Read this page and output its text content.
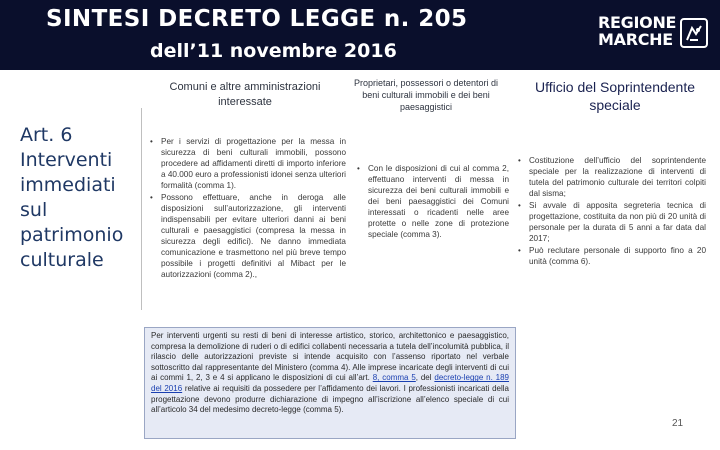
SINTESI DECRETO LEGGE n. 205
dell’11 novembre 2016
REGIONE
MARCHE
Comuni e altre amministrazioni interessate
Proprietari, possessori o detentori di beni culturali immobili e dei beni paesaggistici
Ufficio del Soprintendente speciale
Art. 6
Interventi
immediati
sul
patrimonio
culturale
• Per i servizi di progettazione per la messa in sicurezza di beni culturali immobili, possono procedere ad affidamenti diretti di importo inferiore a 40.000 euro a professionisti idonei senza ulteriori formalità (comma 1).
• Possono effettuare, anche in deroga alle disposizioni sull’autorizzazione, gli interventi indispensabili per evitare ulteriori danni ai beni culturali e paesaggistici (compresa la messa in sicurezza degli edifici). Ne danno immediata comunicazione e trasmettono nel più breve tempo possibile i progetti definitivi al Mibact per le autorizzazioni (comma 2).,
• Con le disposizioni di cui al comma 2, effettuano interventi di messa in sicurezza dei beni culturali immobili e dei beni paesaggistici dei Comuni interessati o ricadenti nelle aree protette o nelle zone di protezione speciale (comma 3).
• Costituzione dell’ufficio del soprintendente speciale per la realizzazione di interventi di tutela del patrimonio culturale dei territori colpiti dal sisma;
• Si avvale di apposita segreteria tecnica di progettazione, costituita da non più di 20 unità di personale per la durata di 5 anni a far data dal 2017;
• Può reclutare personale di supporto fino a 20 unità (comma 6).
Per interventi urgenti su resti di beni di interesse artistico, storico, architettonico e paesaggistico, compresa la demolizione di ruderi o di edifici collabenti necessaria a tutela dell’incolumità pubblica, il rilascio delle autorizzazioni previste si intende acquisito con l’assenso riportato nel verbale sottoscritto dal rappresentante del Ministero (comma 4). Alle imprese incaricate degli interventi di cui ai commi 1, 2, 3 e 4 si applicano le disposizioni di cui all’art. 8, comma 5, del decreto-legge n. 189 del 2016 relative ai requisiti da possedere per l’affidamento dei lavori. I professionisti incaricati della progettazione devono produrre dichiarazione di impegno all’iscrizione all’elenco speciale di cui all’articolo 34 del medesimo decreto-legge (comma 5).
21
